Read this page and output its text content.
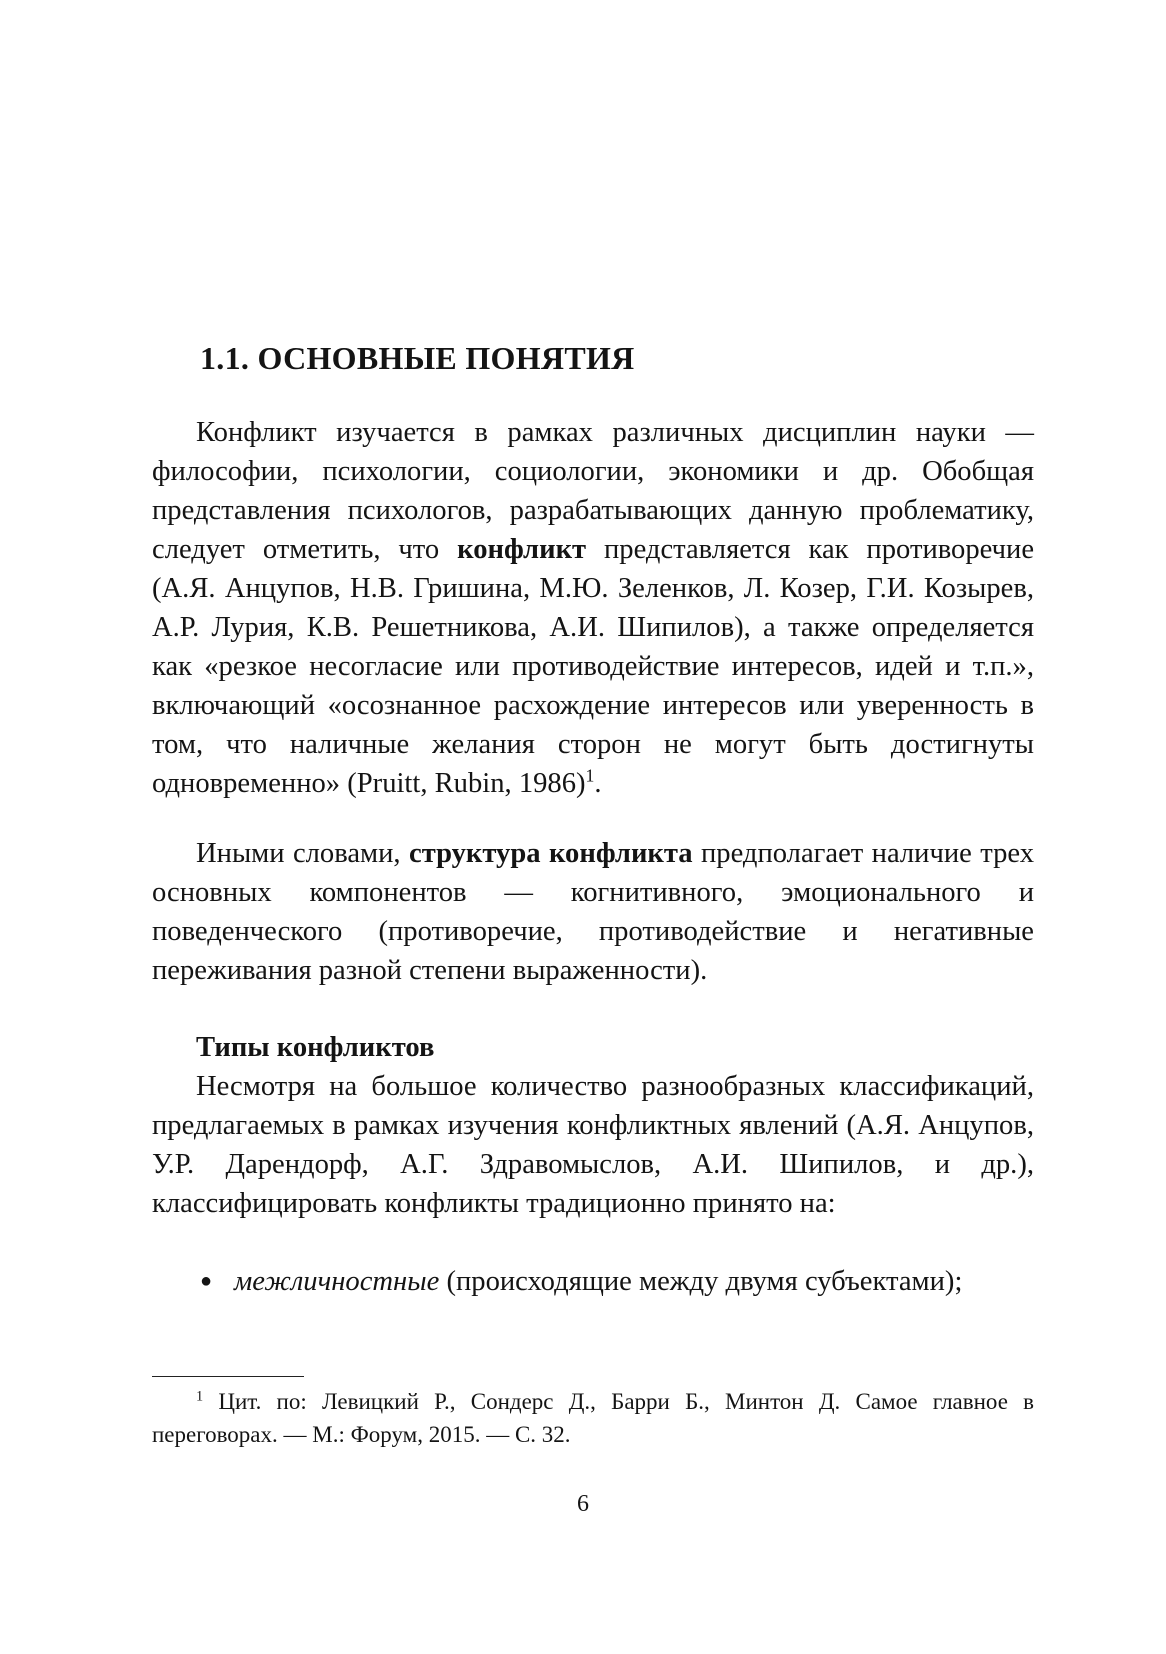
1.1. ОСНОВНЫЕ ПОНЯТИЯ

Конфликт изучается в рамках различных дисциплин науки — философии, психологии, социологии, экономики и др. Обобщая представления психологов, разрабатывающих данную проблематику, следует отметить, что конфликт представляется как противоречие (А.Я. Анцупов, Н.В. Гришина, М.Ю. Зеленков, Л. Козер, Г.И. Козырев, А.Р. Лурия, К.В. Решетникова, А.И. Шипилов), а также определяется как «резкое несогласие или противодействие интересов, идей и т.п.», включающий «осознанное расхождение интересов или уверенность в том, что наличные желания сторон не могут быть достигнуты одновременно» (Pruitt, Rubin, 1986)$^1$.

Иными словами, структура конфликта предполагает наличие трех основных компонентов — когнитивного, эмоционального и поведенческого (противоречие, противодействие и негативные переживания разной степени выраженности).

Типы конфликтов

Несмотря на большое количество разнообразных классификаций, предлагаемых в рамках изучения конфликтных явлений (А.Я. Анцупов, У.Р. Дарендорф, А.Г. Здравомыслов, А.И. Шипилов, и др.), классифицировать конфликты традиционно принято на:

● межличностные (происходящие между двумя субъектами);

$^1$ Цит. по: Левицкий Р., Сондерс Д., Барри Б., Минтон Д. Самое главное в переговорах. — М.: Форум, 2015. — С. 32.

6
